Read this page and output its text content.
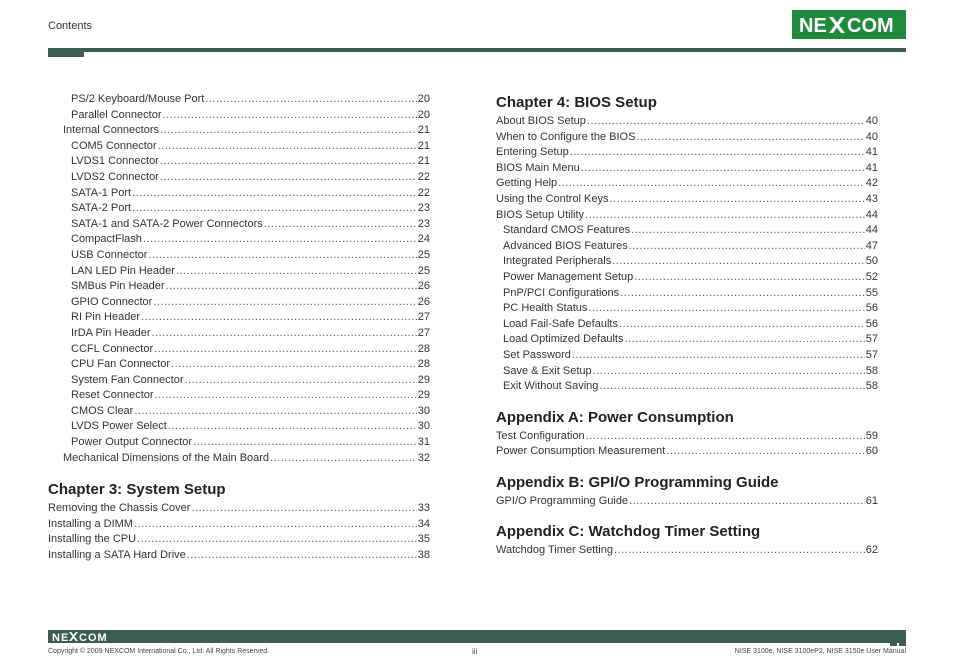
Contents	NE COM
PS/2 Keyboard/Mouse Port .....	20
Parallel Connector .....	20
Internal Connectors .....	21
COM5 Connector .....	21
LVDS1 Connector .....	21
LVDS2 Connector .....	22
SATA-1 Port .....	22
SATA-2 Port .....	23
SATA-1 and SATA-2 Power Connectors .....	23
CompactFlash .....	24
USB Connector .....	25
LAN LED Pin Header .....	25
SMBus Pin Header .....	26
GPIO Connector .....	26
RI Pin Header .....	27
IrDA Pin Header .....	27
CCFL Connector .....	28
CPU Fan Connector .....	28
System Fan Connector .....	29
Reset Connector .....	29
CMOS Clear .....	30
LVDS Power Select .....	30
Power Output Connector .....	31
Mechanical Dimensions of the Main Board .....	32
Chapter 3: System Setup
Removing the Chassis Cover .....	33
Installing a DIMM .....	34
Installing the CPU .....	35
Installing a SATA Hard Drive .....	38
Chapter 4: BIOS Setup
About BIOS Setup .....	40
When to Configure the BIOS .....	40
Entering Setup .....	41
BIOS Main Menu .....	41
Getting Help .....	42
Using the Control Keys .....	43
BIOS Setup Utility .....	44
Standard CMOS Features .....	44
Advanced BIOS Features .....	47
Integrated Peripherals .....	50
Power Management Setup .....	52
PnP/PCI Configurations .....	55
PC Health Status .....	56
Load Fail-Safe Defaults .....	56
Load Optimized Defaults .....	57
Set Password .....	57
Save & Exit Setup .....	58
Exit Without Saving .....	58
Appendix A: Power Consumption
Test Configuration .....	59
Power Consumption Measurement .....	60
Appendix B: GPI/O Programming Guide
GPI/O Programming Guide .....	61
Appendix C: Watchdog Timer Setting
Watchdog Timer Setting .....	62
NE COM
Copyright © 2009 NEXCOM International Co., Ltd. All Rights Reserved.	iii	NISE 3100e, NISE 3100eP2, NISE 3150e User Manual
